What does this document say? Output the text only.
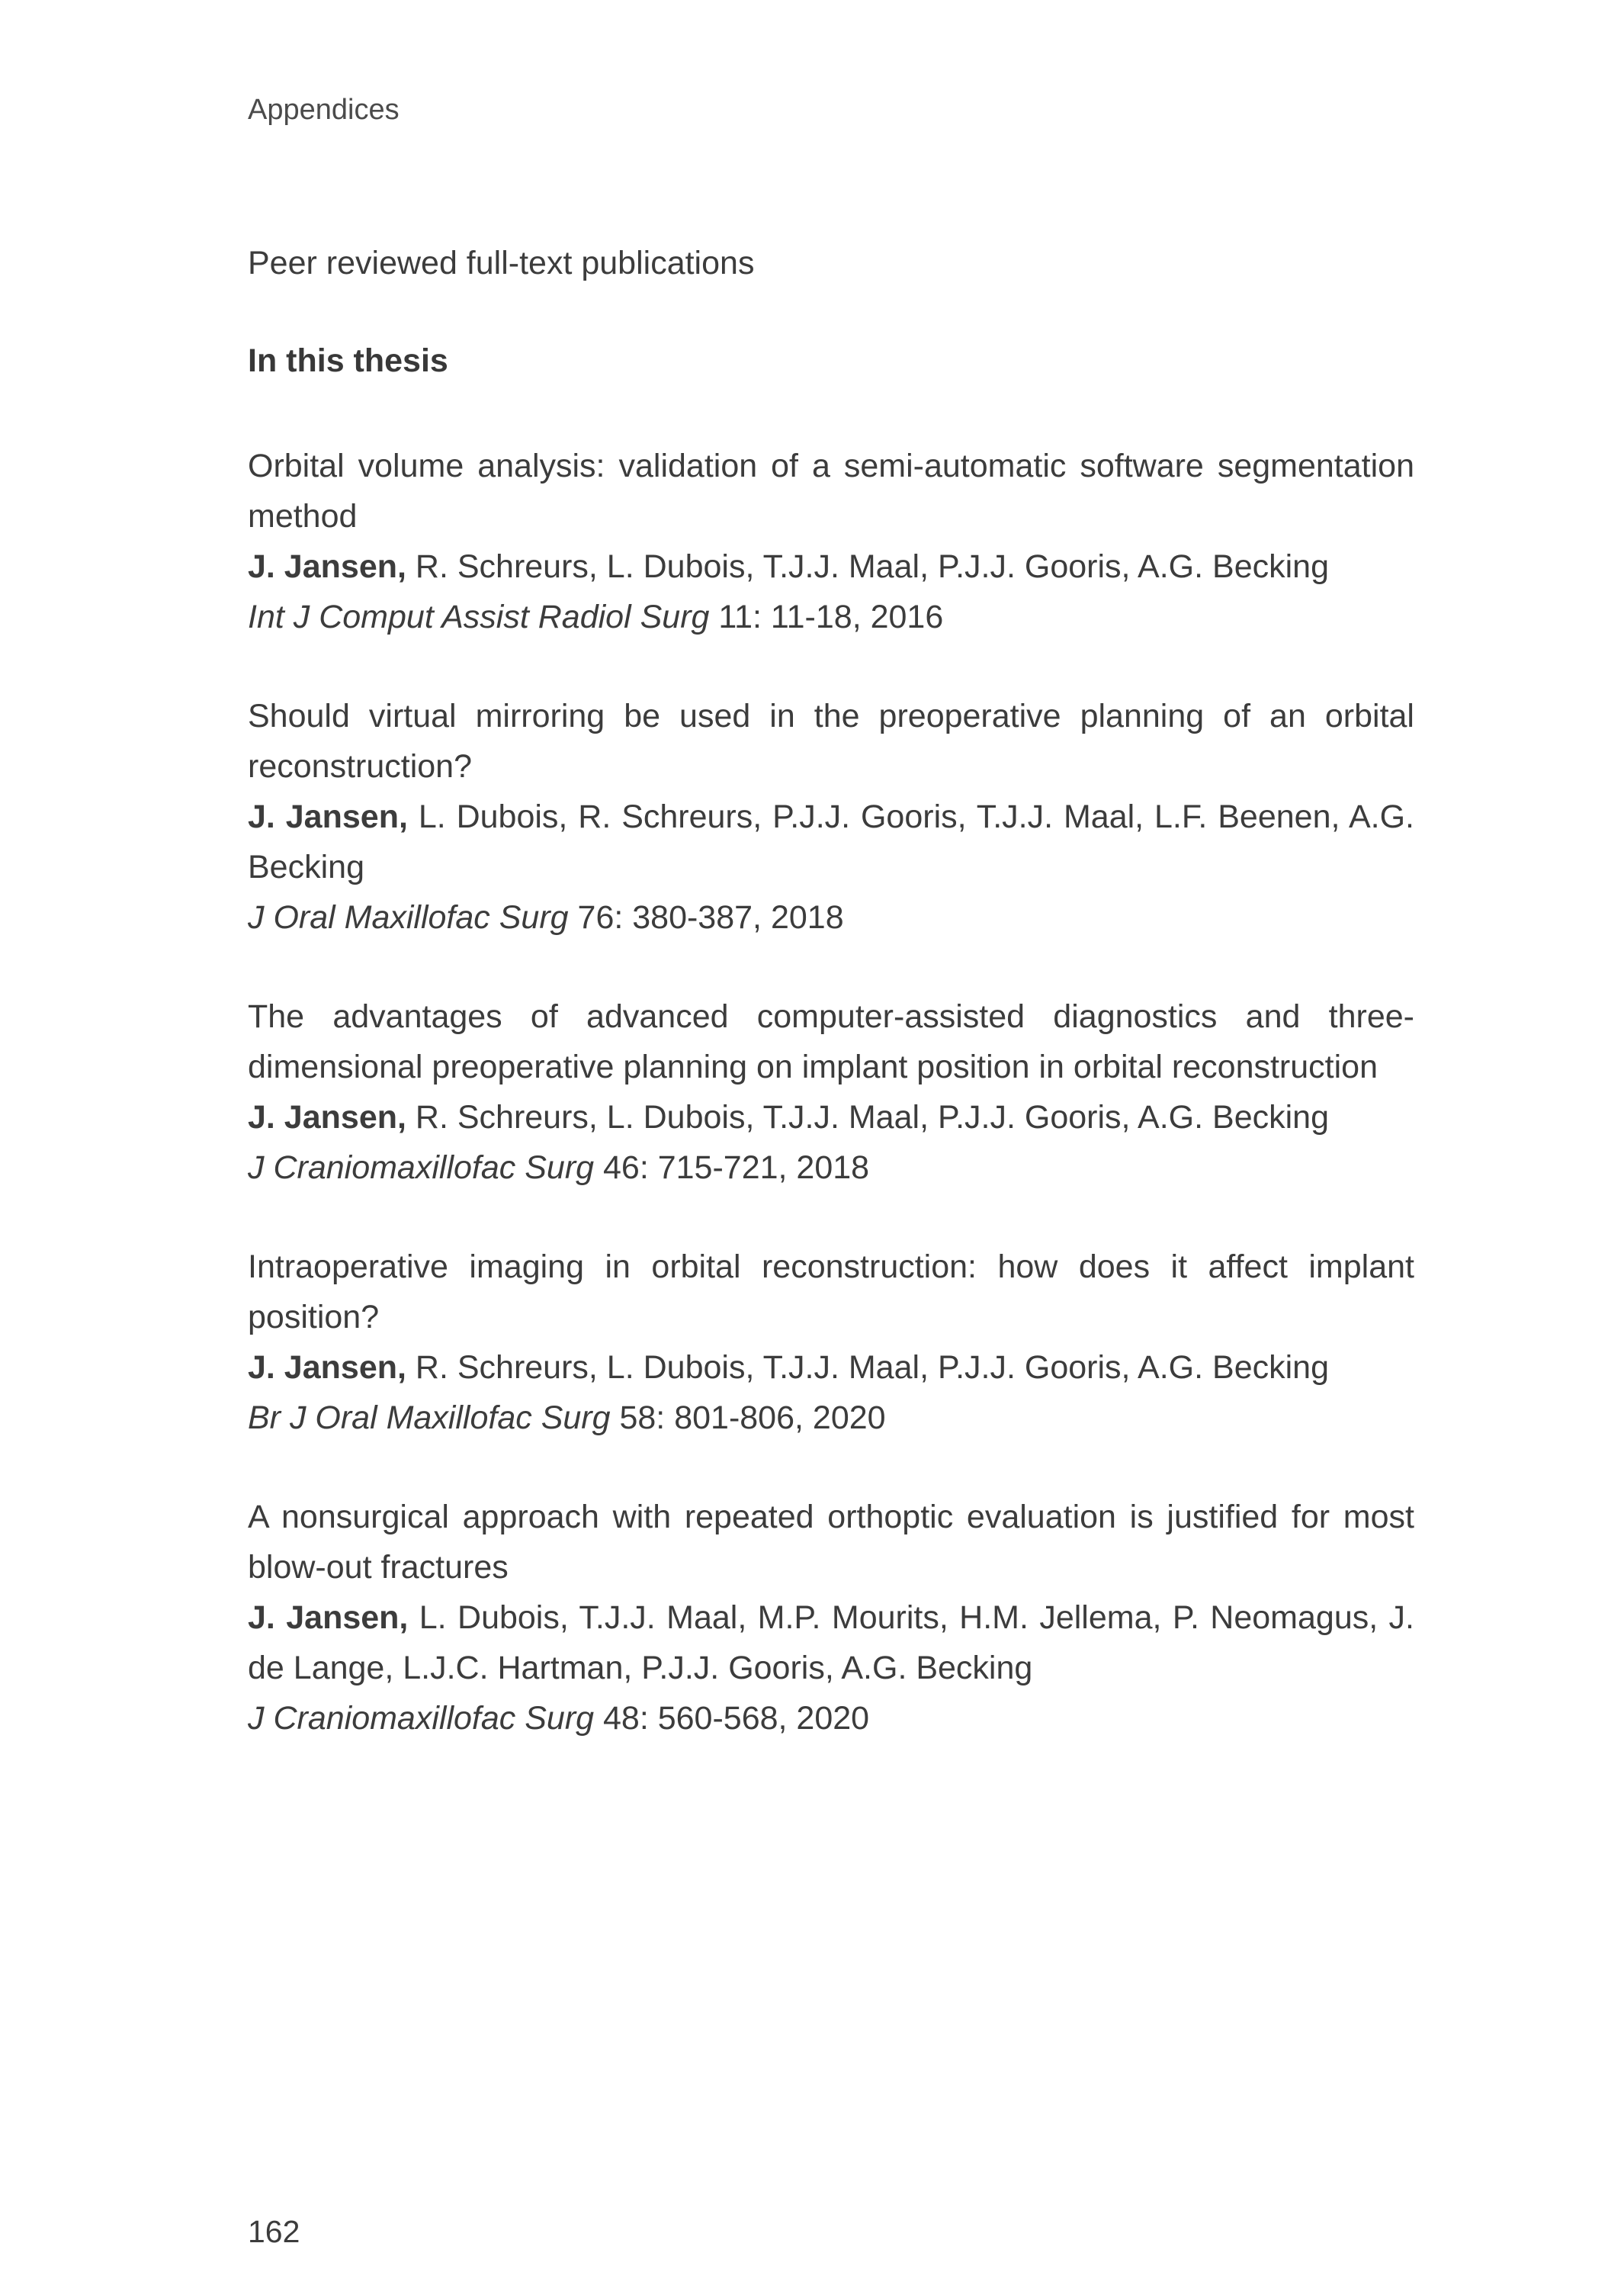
Appendices

Peer reviewed full-text publications

In this thesis

Orbital volume analysis: validation of a semi-automatic software segmentation method

J. Jansen, R. Schreurs, L. Dubois, T.J.J. Maal, P.J.J. Gooris, A.G. Becking

Int J Comput Assist Radiol Surg 11: 11-18, 2016

Should virtual mirroring be used in the preoperative planning of an orbital reconstruction?

J. Jansen, L. Dubois, R. Schreurs, P.J.J. Gooris, T.J.J. Maal, L.F. Beenen, A.G. Becking

J Oral Maxillofac Surg 76: 380-387, 2018

The advantages of advanced computer-assisted diagnostics and three-dimensional preoperative planning on implant position in orbital reconstruction

J. Jansen, R. Schreurs, L. Dubois, T.J.J. Maal, P.J.J. Gooris, A.G. Becking

J Craniomaxillofac Surg 46: 715-721, 2018

Intraoperative imaging in orbital reconstruction: how does it affect implant position?

J. Jansen, R. Schreurs, L. Dubois, T.J.J. Maal, P.J.J. Gooris, A.G. Becking

Br J Oral Maxillofac Surg 58: 801-806, 2020

A nonsurgical approach with repeated orthoptic evaluation is justified for most blow-out fractures

J. Jansen, L. Dubois, T.J.J. Maal, M.P. Mourits, H.M. Jellema, P. Neomagus, J. de Lange, L.J.C. Hartman, P.J.J. Gooris, A.G. Becking

J Craniomaxillofac Surg 48: 560-568, 2020

162
